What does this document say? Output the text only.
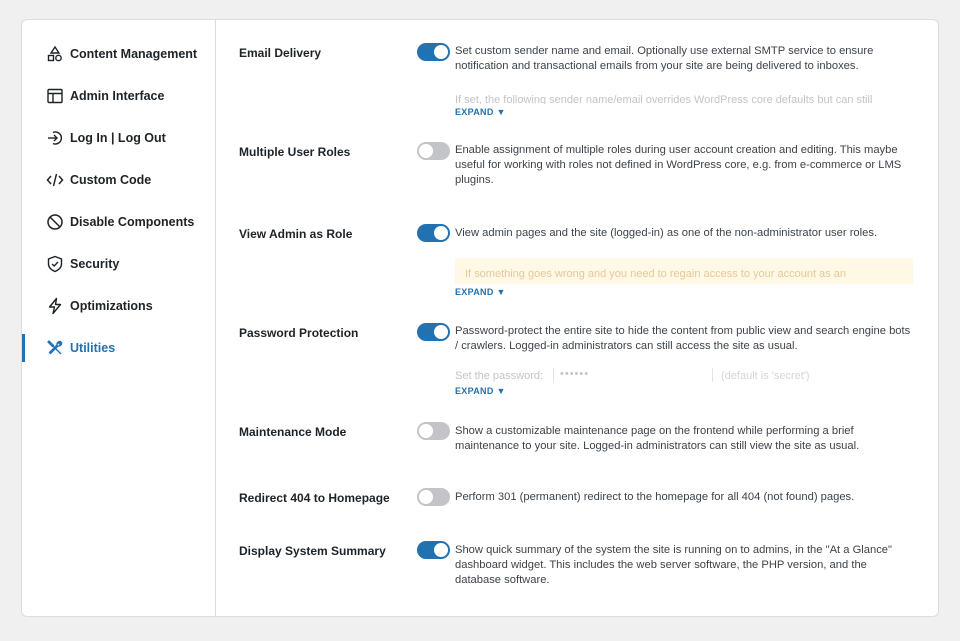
Content Management
Admin Interface
Log In | Log Out
Custom Code
Disable Components
Security
Optimizations
Utilities
Email Delivery	Set custom sender name and email. Optionally use external SMTP service to ensure notification and transactional emails from your site are being delivered to inboxes.
If set, the following sender name/email overrides WordPress core defaults but can still
EXPAND ▼
Multiple User Roles	Enable assignment of multiple roles during user account creation and editing. This maybe useful for working with roles not defined in WordPress core, e.g. from e-commerce or LMS plugins.
View Admin as Role	View admin pages and the site (logged-in) as one of the non-administrator user roles.
If something goes wrong and you need to regain access to your account as an
EXPAND ▼
Password Protection	Password-protect the entire site to hide the content from public view and search engine bots / crawlers. Logged-in administrators can still access the site as usual.
Set the password:	••••••	(default is 'secret')
EXPAND ▼
Maintenance Mode	Show a customizable maintenance page on the frontend while performing a brief maintenance to your site. Logged-in administrators can still view the site as usual.
Redirect 404 to Homepage	Perform 301 (permanent) redirect to the homepage for all 404 (not found) pages.
Display System Summary	Show quick summary of the system the site is running on to admins, in the "At a Glance" dashboard widget. This includes the web server software, the PHP version, and the database software.
